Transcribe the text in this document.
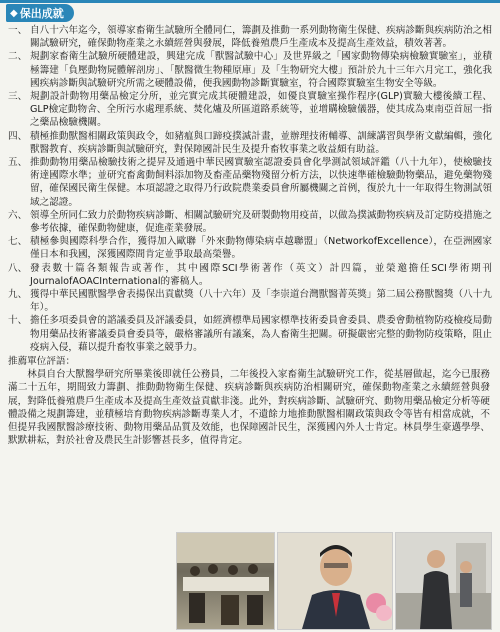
◆ 保出成就
一、 自八十六年迄今，領導家畜衛生試驗所全體同仁，籌劃及推動一系列動物衛生保健、疾病診斷與疾病防治之相關試驗研究，確保動物產業之永續經營與發展，降低養殖農戶生產成本及提高生產效益，積效著著。
二、 規劃家畜衛生試驗所硬體建設，興建完成「獸醫試驗中心」及世界級之「國家動物傳染病檢驗實驗室」，並積極籌建「負壓動物屍體解剖房」、「獸醫微生物種原庫」及「生物研究大樓」預計於九十三年六月完工，強化我國疾病診斷與試驗研究所需之硬體設備，便我國動物診斷實驗室，符合國際實驗室生物安全等級。
三、 規劃設計動物用藥品檢定分所，並完實完成其硬體建設，如優良實驗室操作程序(GLP)實驗大樓後續工程、GLP檢定動物舍、全所污水處理系統、焚化爐及所區道路系統等，並增購檢驗儀器，使其成為東南亞首屈一指之藥品檢驗機關。
四、 積極推動獸醫相關政策與政令，如豬瘟與口蹄疫撲滅計畫，並辦理技術輔導、訓練講習與學術文獻編輯，強化獸醫教育、疾病診斷與試驗研究，對保障國計民生及提升畜牧事業之收益頗有助益。
五、 推動動物用藥品檢驗技術之提昇及通過中華民國實驗室認證委員會化學測試領域評鑑（八十九年），使檢驗技術達國際水準；並研究畜禽動飼料添加物及畜產品藥物殘留分析方法，以快速準確檢驗動物藥品，避免藥物殘留，確保國民衛生保健。本項認證之取得乃行政院農業委員會所屬機關之首例，復於九十一年取得生物測試領域之認證。
六、 領導全所同仁致力於動物疾病診斷、相關試驗研究及研製動物用疫苗，以做為撲滅動物疾病及訂定防疫措施之參考依據，確保動物健康，促進產業發展。
七、 積極參與國際科學合作，獲得加入歐聯「外來動物傳染病卓越聯盟」（NetworkofExcellence），在亞洲國家僅日本和我國，深獲國際間肯定並爭取最高榮譽。
八、 發表數十篇各類報告或著作，其中國際SCI學術著作（英文）計四篇，並榮邀擔任SCI學術期刊JournalofAOACInternational的審稿人。
九、 獲得中華民國獸醫學會表揚保出貢獻獎（八十六年）及「李崇道台灣獸醫菁英獎」第二屆公務獸醫獎（八十九年）。
十、 擔任多項委員會的諮議委員及評議委員，如經濟標準局國家標準技術委員會委員、農委會動植物防疫檢疫局動物用藥品技術審議委員會委員等，嚴格審議所有議案，為人畜衛生把關。研擬嚴密完整的動物防疫策略，阻止疫病入侵，藉以提升畜牧事業之競爭力。
推薦單位評語：
林員自台大獸醫學研究所畢業後即就任公務員，二年後投入家畜衛生試驗研究工作，從基層做起，迄今已服務滿二十五年，期間致力籌劃、推動動物衛生保健、疾病診斷與疾病防治相關研究，確保動物產業之永續經營與發展，對降低養殖農戶生產成本及提高生產效益貢獻非淺。此外，對疾病診斷、試驗研究、動物用藥品檢定分析等硬體設備之規劃籌建，並積極培育動物疾病診斷專業人才，不遺餘力地推動獸醫相關政策與政令等皆有相當成就，不但提昇我國獸醫診療技術、動物用藥品品質及效能，也保障國計民生，深獲國內外人士肯定。林員學生豪邁學學、默默耕耘，對於社會及農民生計影響甚長多，值得肯定。
